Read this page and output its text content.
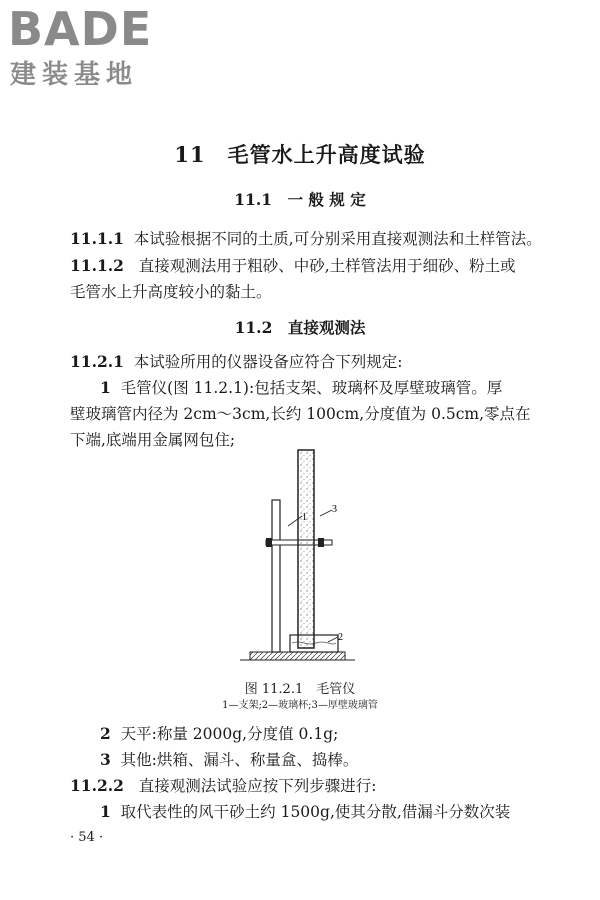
BADE
建装基地
11　毛管水上升高度试验
11.1　一 般 规 定
11.1.1 本试验根据不同的土质,可分别采用直接观测法和土样管法。
11.1.2 直接观测法用于粗砂、中砂,土样管法用于细砂、粉土或
毛管水上升高度较小的黏土。
11.2　直接观测法
11.2.1 本试验所用的仪器设备应符合下列规定:
1 毛管仪(图 11.2.1):包括支架、玻璃杯及厚壁玻璃管。厚
壁玻璃管内径为 2cm～3cm,长约 100cm,分度值为 0.5cm,零点在
下端,底端用金属网包住;
1
3
2
图 11.2.1　毛管仪
1—支架;2—玻璃杯;3—厚壁玻璃管
2 天平:称量 2000g,分度值 0.1g;
3 其他:烘箱、漏斗、称量盒、捣棒。
11.2.2 直接观测法试验应按下列步骤进行:
1 取代表性的风干砂土约 1500g,使其分散,借漏斗分数次装
· 54 ·
